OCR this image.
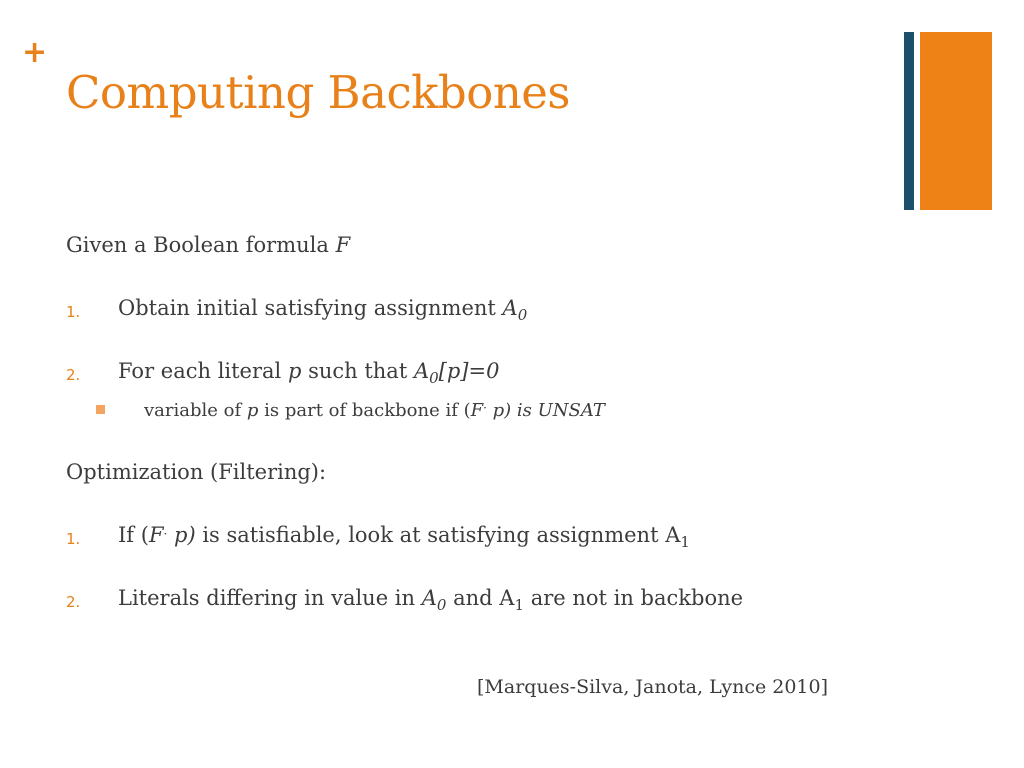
+
Computing Backbones
Given a Boolean formula F
1. Obtain initial satisfying assignment $A_0$
2. For each literal p such that $A_0[p]=0$
variable of p is part of backbone if (F· p) is UNSAT
Optimization (Filtering):
1. If (F· p) is satisfiable, look at satisfying assignment $A_1$
2. Literals differing in value in $A_0$ and $A_1$ are not in backbone
[Marques-Silva, Janota, Lynce 2010]
